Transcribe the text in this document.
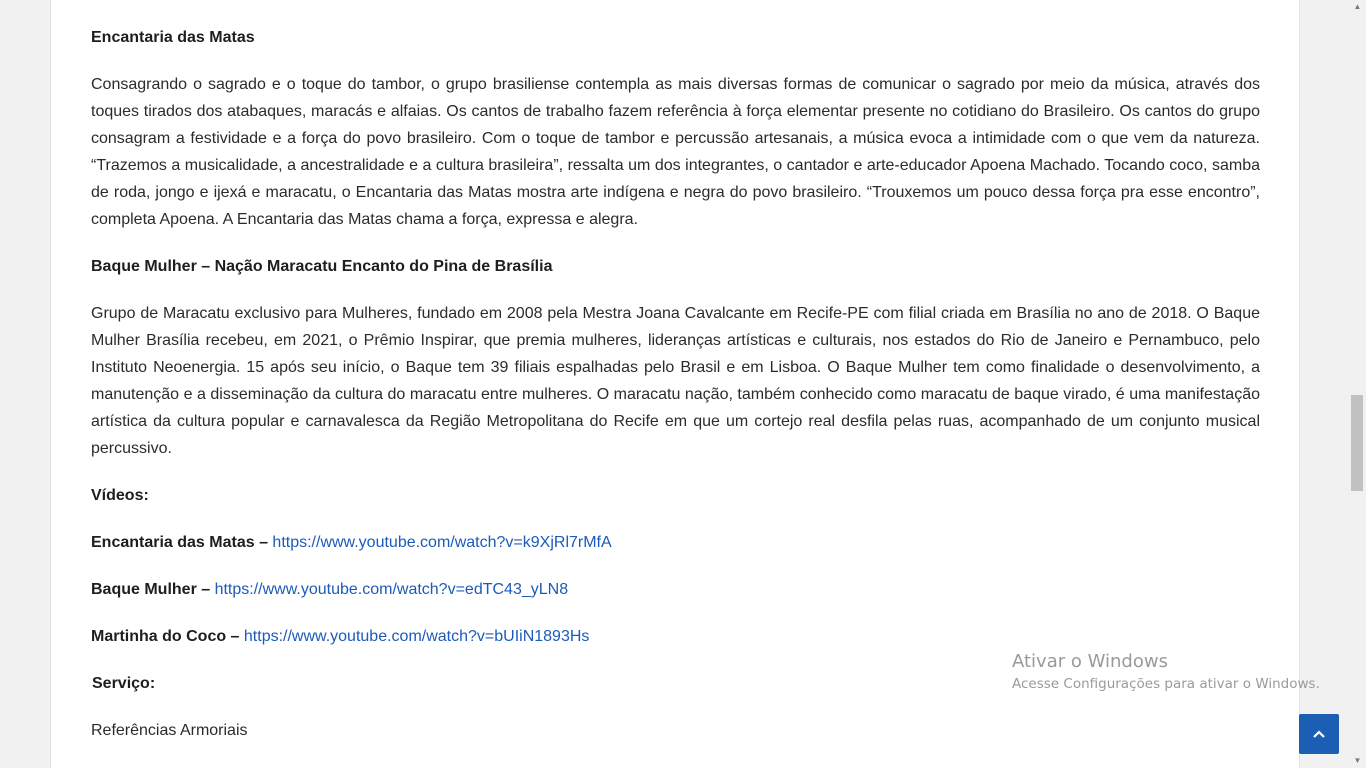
Encantaria das Matas

Consagrando o sagrado e o toque do tambor, o grupo brasiliense contempla as mais diversas formas de comunicar o sagrado por meio da música, através dos toques tirados dos atabaques, maracás e alfaias. Os cantos de trabalho fazem referência à força elementar presente no cotidiano do Brasileiro. Os cantos do grupo consagram a festividade e a força do povo brasileiro. Com o toque de tambor e percussão artesanais, a música evoca a intimidade com o que vem da natureza. “Trazemos a musicalidade, a ancestralidade e a cultura brasileira”, ressalta um dos integrantes, o cantador e arte-educador Apoena Machado. Tocando coco, samba de roda, jongo e ijexá e maracatu, o Encantaria das Matas mostra arte indígena e negra do povo brasileiro. “Trouxemos um pouco dessa força pra esse encontro”, completa Apoena. A Encantaria das Matas chama a força, expressa e alegra.

Baque Mulher – Nação Maracatu Encanto do Pina de Brasília

Grupo de Maracatu exclusivo para Mulheres, fundado em 2008 pela Mestra Joana Cavalcante em Recife-PE com filial criada em Brasília no ano de 2018. O Baque Mulher Brasília recebeu, em 2021, o Prêmio Inspirar, que premia mulheres, lideranças artísticas e culturais, nos estados do Rio de Janeiro e Pernambuco, pelo Instituto Neoenergia. 15 após seu início, o Baque tem 39 filiais espalhadas pelo Brasil e em Lisboa. O Baque Mulher tem como finalidade o desenvolvimento, a manutenção e a disseminação da cultura do maracatu entre mulheres. O maracatu nação, também conhecido como maracatu de baque virado, é uma manifestação artística da cultura popular e carnavalesca da Região Metropolitana do Recife em que um cortejo real desfila pelas ruas, acompanhado de um conjunto musical percussivo.

Vídeos:

Encantaria das Matas – https://www.youtube.com/watch?v=k9XjRl7rMfA

Baque Mulher – https://www.youtube.com/watch?v=edTC43_yLN8

Martinha do Coco – https://www.youtube.com/watch?v=bUIiN1893Hs

Serviço:

Referências Armoriais

Ativar o Windows
Acesse Configurações para ativar o Windows.
▲
▼
